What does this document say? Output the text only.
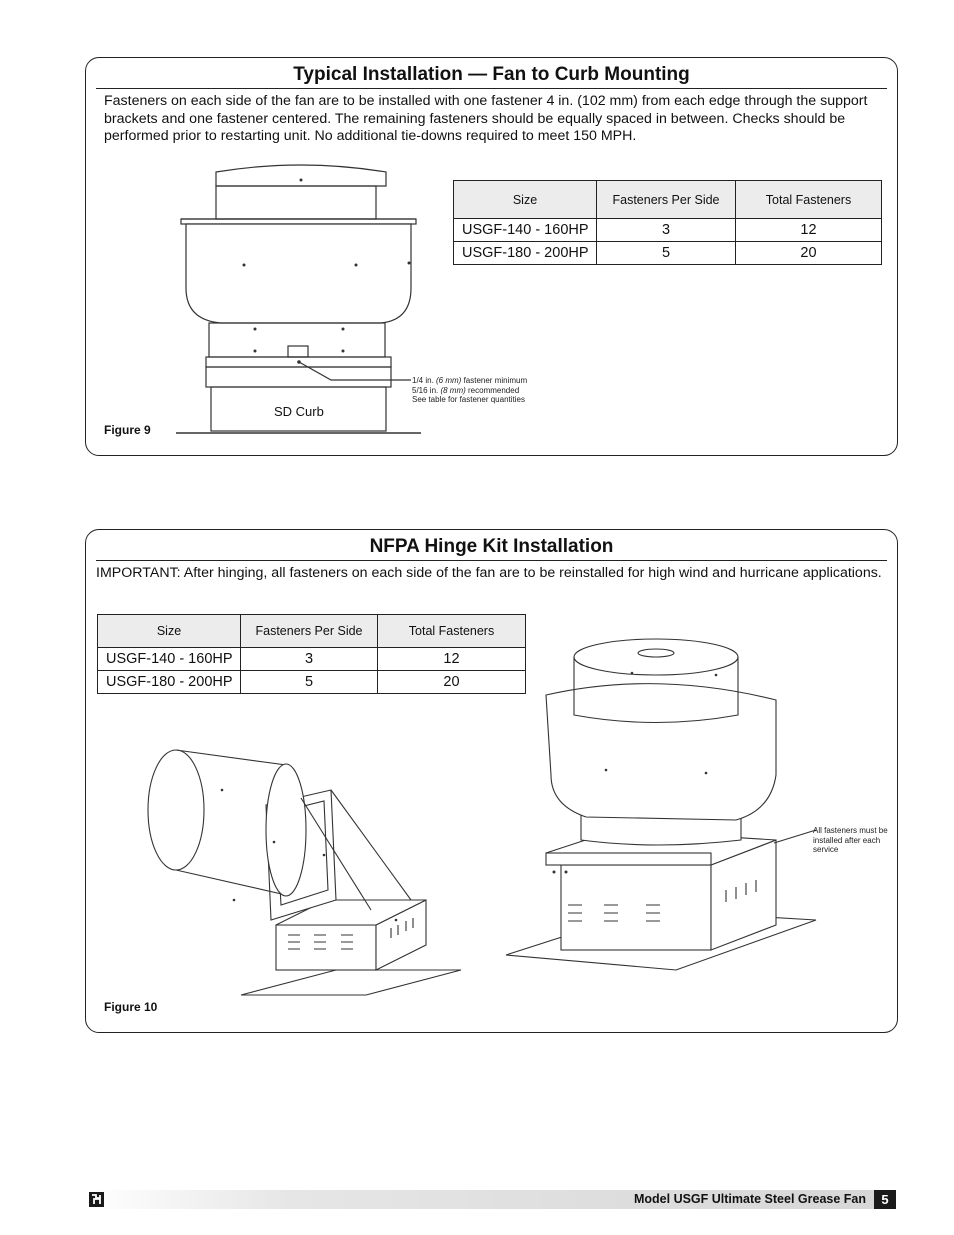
Typical Installation — Fan to Curb Mounting
Fasteners on each side of the fan are to be installed with one fastener 4 in. (102 mm) from each edge through the support brackets and one fastener centered. The remaining fasteners should be equally spaced in between. Checks should be performed prior to restarting unit. No additional tie-downs required to meet 150 MPH.
SD Curb
1/4 in. (6 mm) fastener minimum
5/16 in. (8 mm) recommended
See table for fastener quantities
Size	Fasteners Per Side	Total Fasteners
USGF-140 - 160HP	3	12
USGF-180 - 200HP	5	20
Figure 9
NFPA Hinge Kit Installation
IMPORTANT: After hinging, all fasteners on each side of the fan are to be reinstalled for high wind and hurricane applications.
Size	Fasteners Per Side	Total Fasteners
USGF-140 - 160HP	3	12
USGF-180 - 200HP	5	20
All fasteners must be installed after each service
Figure 10
Model USGF Ultimate Steel Grease Fan	5
